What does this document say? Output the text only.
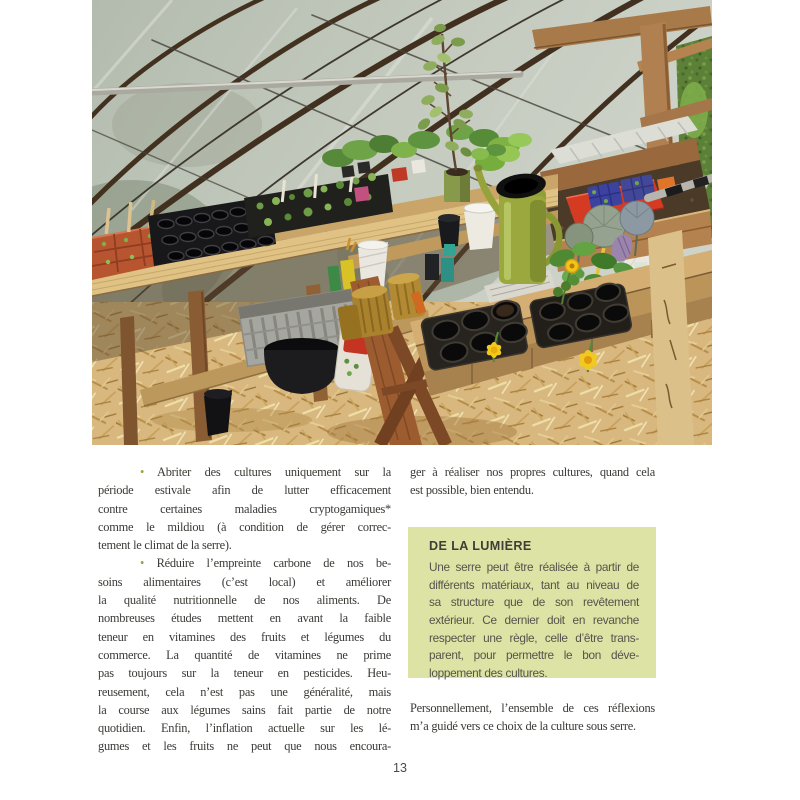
• Abriter des cultures uniquement sur la
période estivale afin de lutter efficacement
contre certaines maladies cryptogamiques*
comme le mildiou (à condition de gérer correc-
tement le climat de la serre).
• Réduire l’empreinte carbone de nos be-
soins alimentaires (c’est local) et améliorer
la qualité nutritionnelle de nos aliments. De
nombreuses études mettent en avant la faible
teneur en vitamines des fruits et légumes du
commerce. La quantité de vitamines ne prime
pas toujours sur la teneur en pesticides. Heu-
reusement, cela n’est pas une généralité, mais
la course aux légumes sains fait partie de notre
quotidien. Enfin, l’inflation actuelle sur les lé-
gumes et les fruits ne peut que nous encoura-
ger à réaliser nos propres cultures, quand cela
est possible, bien entendu.
DE LA LUMIÈRE
Une serre peut être réalisée à partir de
différents matériaux, tant au niveau de
sa structure que de son revêtement
extérieur. Ce dernier doit en revanche
respecter une règle, celle d’être trans-
parent, pour permettre le bon déve-
loppement des cultures.
Personnellement, l’ensemble de ces réflexions
m’a guidé vers ce choix de la culture sous serre.
13
